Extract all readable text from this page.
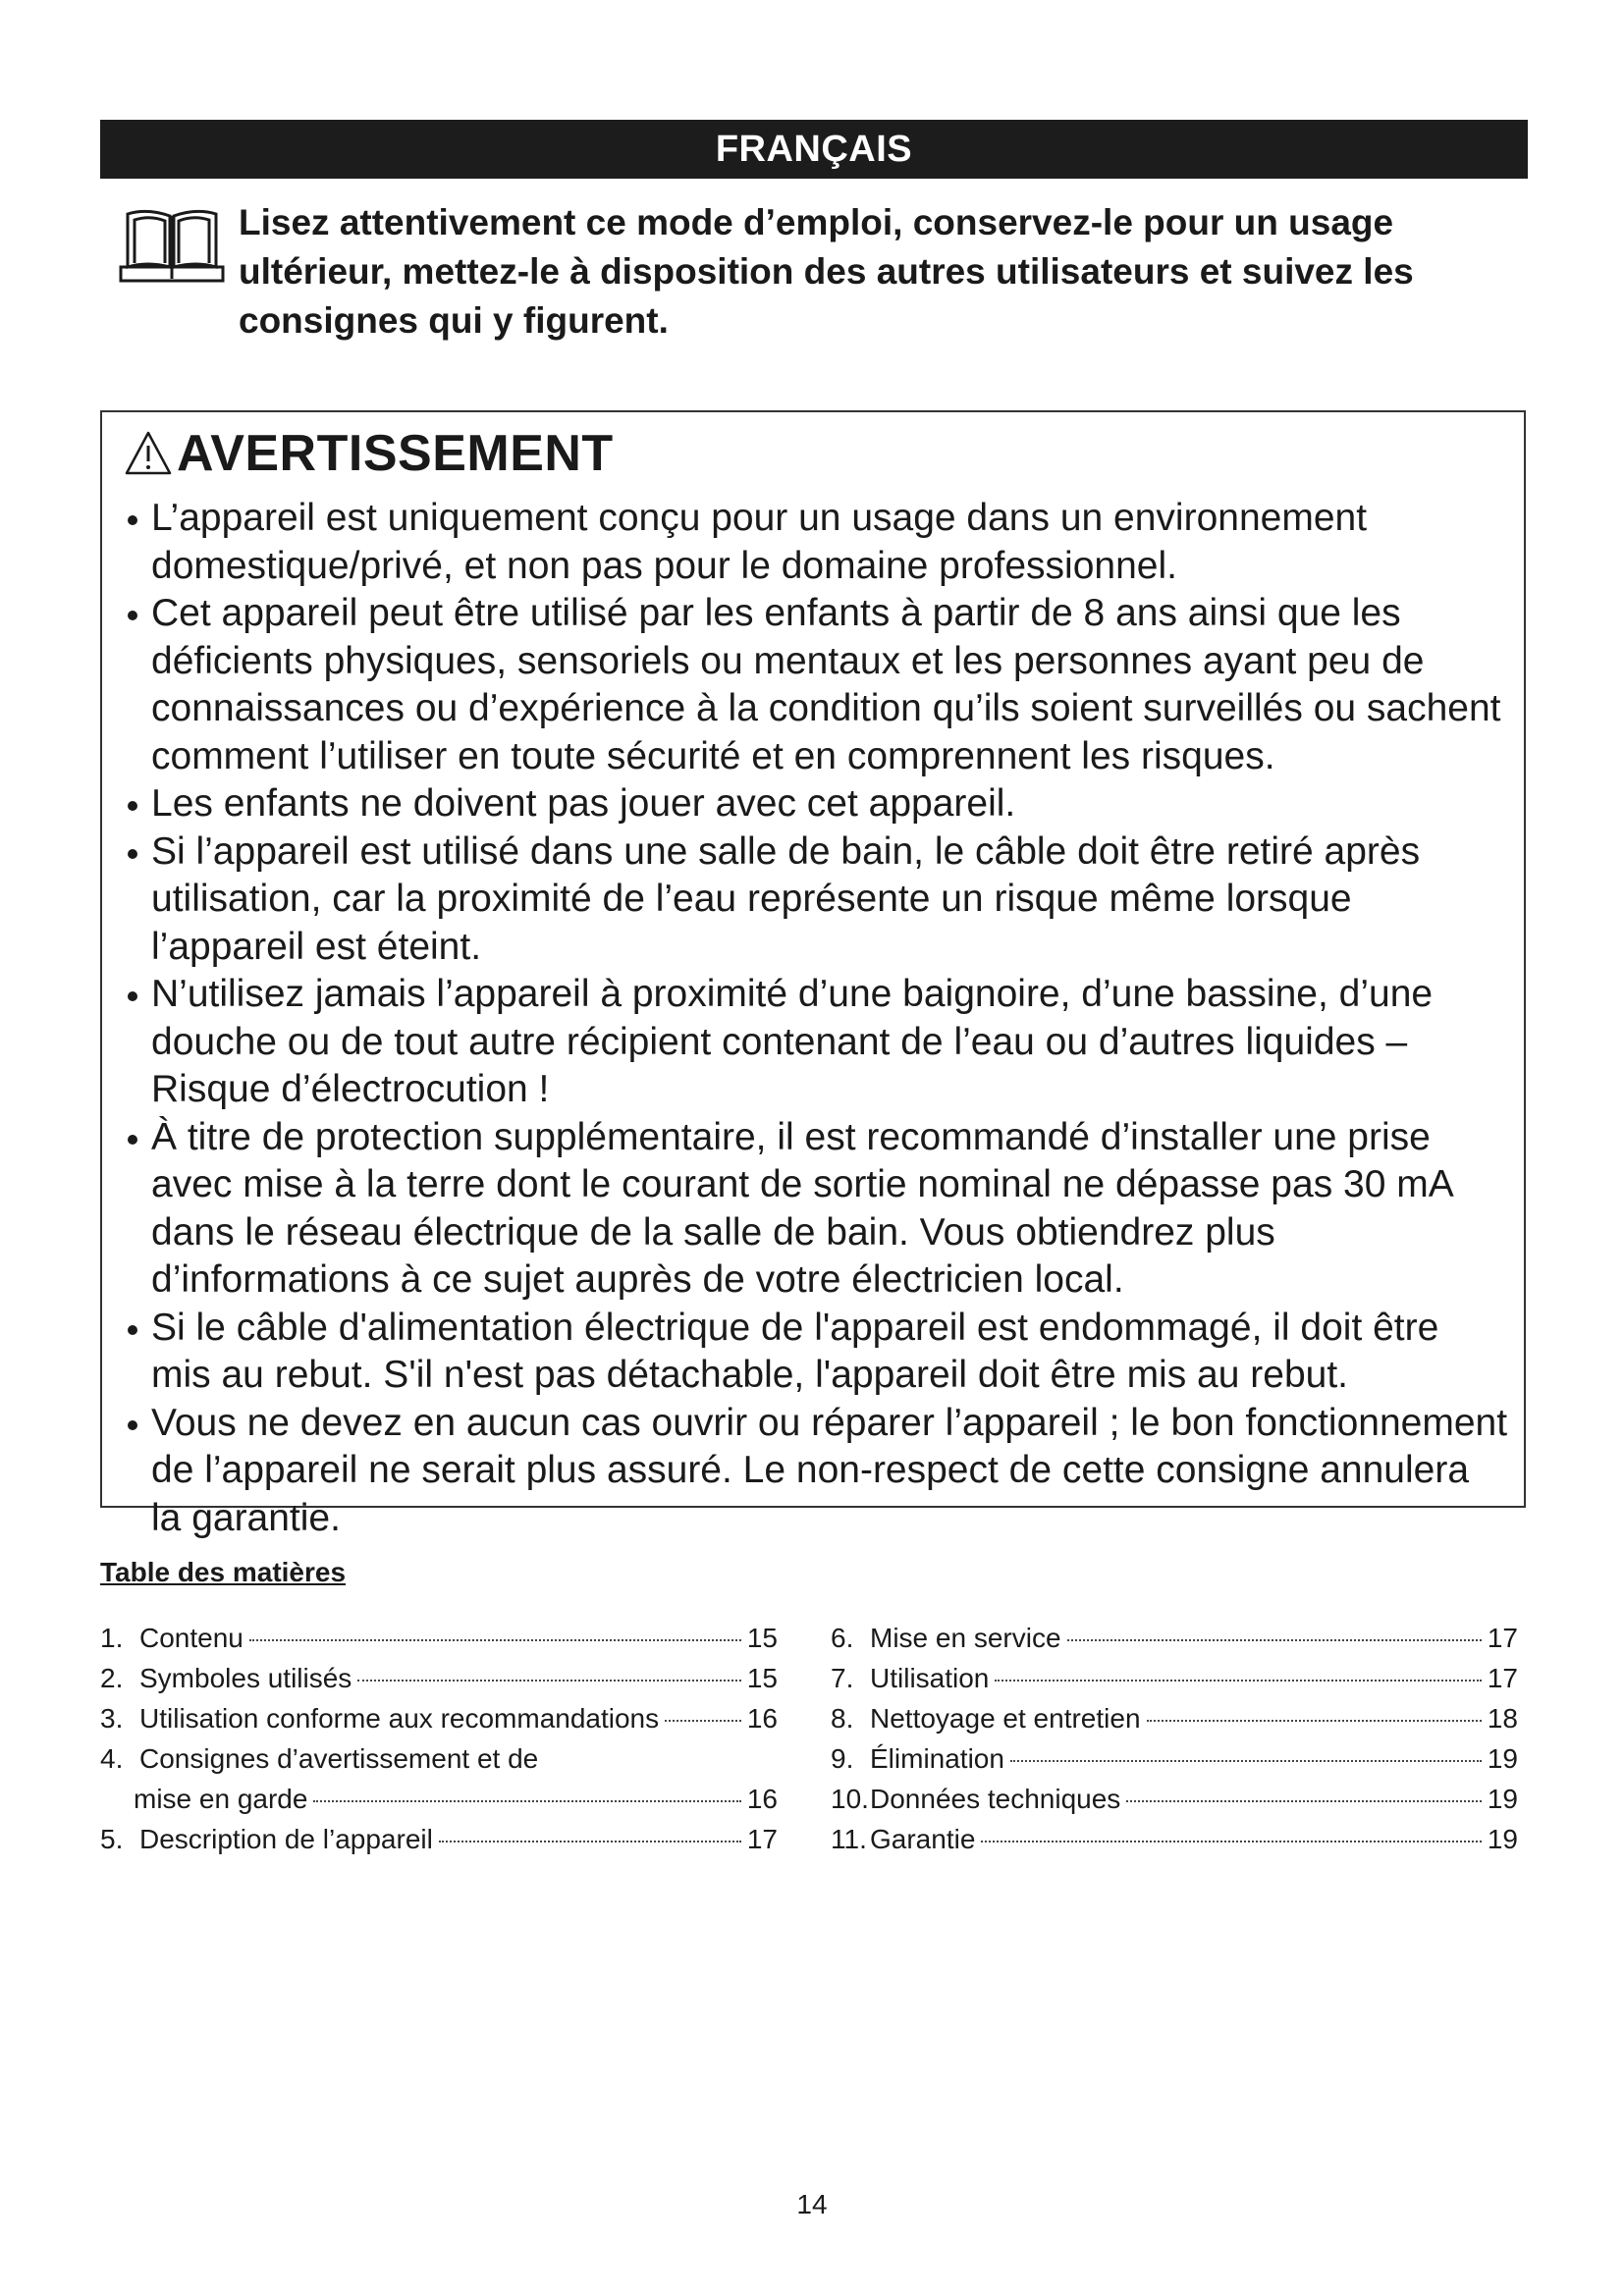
FRANÇAIS
Lisez attentivement ce mode d’emploi, conservez-le pour un usage ultérieur, mettez-le à disposition des autres utilisateurs et suivez les consignes qui y figurent.
AVERTISSEMENT
L’appareil est uniquement conçu pour un usage dans un environnement domestique/privé, et non pas pour le domaine professionnel.
Cet appareil peut être utilisé par les enfants à partir de 8 ans ainsi que les déficients physiques, sensoriels ou mentaux et les personnes ayant peu de connaissances ou d’expérience à la condition qu’ils soient surveillés ou sachent comment l’utiliser en toute sécurité et en comprennent les risques.
Les enfants ne doivent pas jouer avec cet appareil.
Si l’appareil est utilisé dans une salle de bain, le câble doit être retiré après utilisation, car la proximité de l’eau représente un risque même lorsque l’appareil est éteint.
N’utilisez jamais l’appareil à proximité d’une baignoire, d’une bassine, d’une douche ou de tout autre récipient contenant de l’eau ou d’autres liquides – Risque d’électrocution !
À titre de protection supplémentaire, il est recommandé d’installer une prise avec mise à la terre dont le courant de sortie nominal ne dépasse pas 30 mA dans le réseau électrique de la salle de bain. Vous obtiendrez plus d’informations à ce sujet auprès de votre électricien local.
Si le câble d'alimentation électrique de l'appareil est endommagé, il doit être mis au rebut. S'il n'est pas détachable, l'appareil doit être mis au rebut.
Vous ne devez en aucun cas ouvrir ou réparer l’appareil ; le bon fonctionnement de l’appareil ne serait plus assuré. Le non-respect de cette consigne annulera la garantie.
Table des matières
1. Contenu	15
2. Symboles utilisés	15
3. Utilisation conforme aux recommandations	16
4. Consignes d’avertissement et de
mise en garde	16
5. Description de l’appareil	17
6. Mise en service	17
7. Utilisation	17
8. Nettoyage et entretien	18
9. Élimination	19
10. Données techniques	19
11. Garantie	19
14
